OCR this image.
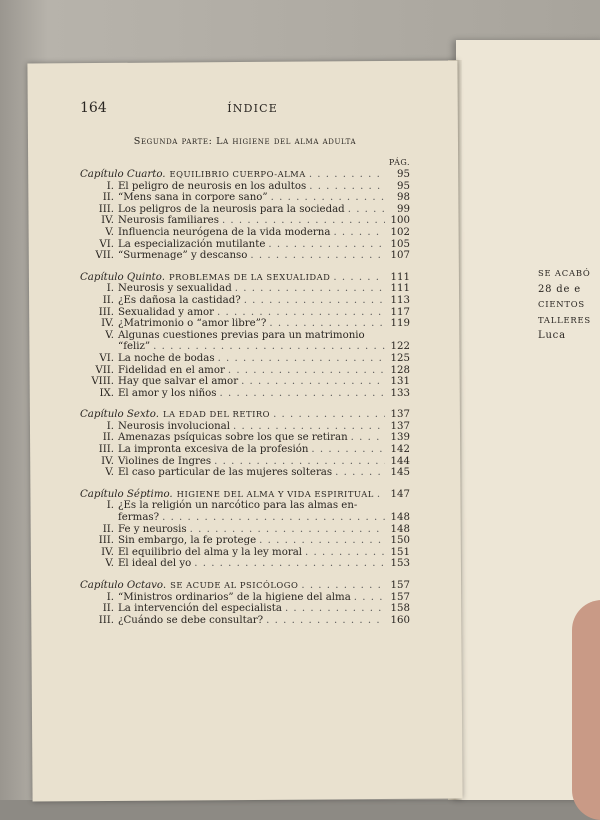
164	ÍNDICE
Segunda parte: La higiene del alma adulta
PÁG.
Capítulo Cuarto. EQUILIBRIO CUERPO-ALMA . . .	95
I. El peligro de neurosis en los adultos . . .	95
II. “Mens sana in corpore sano” . . .	98
III. Los peligros de la neurosis para la sociedad . . .	99
IV. Neurosis familiares . . .	100
V. Influencia neurógena de la vida moderna . . .	102
VI. La especialización mutilante . . .	105
VII. “Surmenage” y descanso . . .	107
Capítulo Quinto. PROBLEMAS DE LA SEXUALIDAD . . .	111
I. Neurosis y sexualidad . . .	111
II. ¿Es dañosa la castidad? . . .	113
III. Sexualidad y amor . . .	117
IV. ¿Matrimonio o “amor libre”? . . .	119
V. Algunas cuestiones previas para un matrimonio
“feliz” . . .	122
VI. La noche de bodas . . .	125
VII. Fidelidad en el amor . . .	128
VIII. Hay que salvar el amor . . .	131
IX. El amor y los niños . . .	133
Capítulo Sexto. LA EDAD DEL RETIRO . . .	137
I. Neurosis involucional . . .	137
II. Amenazas psíquicas sobre los que se retiran . . .	139
III. La impronta excesiva de la profesión . . .	142
IV. Violines de Ingres . . .	144
V. El caso particular de las mujeres solteras . . .	145
Capítulo Séptimo. HIGIENE DEL ALMA Y VIDA ESPIRITUAL . . . 147
I. ¿Es la religión un narcótico para las almas en-
fermas? . . .	148
II. Fe y neurosis . . .	148
III. Sin embargo, la fe protege . . .	150
IV. El equilibrio del alma y la ley moral . . .	151
V. El ideal del yo . . .	153
Capítulo Octavo. SE ACUDE AL PSICÓLOGO . . .	157
I. “Ministros ordinarios” de la higiene del alma . . .	157
II. La intervención del especialista . . .	158
III. ¿Cuándo se debe consultar? . . .	160
SE ACABÓ
28 de e
CIENTOS
TALLERES
Luca
